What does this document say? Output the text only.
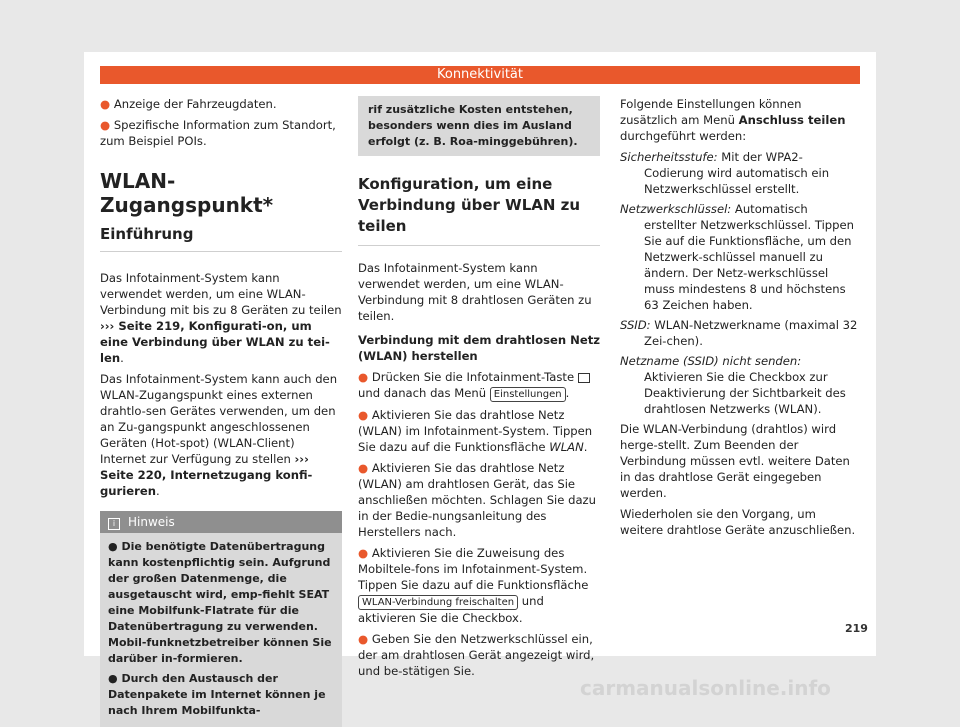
Konnektivität

● Anzeige der Fahrzeugdaten.

● Spezifische Information zum Standort, zum Beispiel POIs.

WLAN-Zugangspunkt*

Einführung

Das Infotainment-System kann verwendet werden, um eine WLAN-Verbindung mit bis zu 8 Geräten zu teilen ››› Seite 219, Konfigurati-on, um eine Verbindung über WLAN zu tei-len.

Das Infotainment-System kann auch den WLAN-Zugangspunkt eines externen drahtlo-sen Gerätes verwenden, um den an Zu-gangspunkt angeschlossenen Geräten (Hot-spot) (WLAN-Client) Internet zur Verfügung zu stellen ››› Seite 220, Internetzugang konfi-gurieren.

i Hinweis

● Die benötigte Datenübertragung kann kostenpflichtig sein. Aufgrund der großen Datenmenge, die ausgetauscht wird, emp-fiehlt SEAT eine Mobilfunk-Flatrate für die Datenübertragung zu verwenden. Mobil-funknetzbetreiber können Sie darüber in-formieren.

● Durch den Austausch der Datenpakete im Internet können je nach Ihrem Mobilfunkta-

rif zusätzliche Kosten entstehen, besonders wenn dies im Ausland erfolgt (z. B. Roa-minggebühren).

Konfiguration, um eine Verbindung über WLAN zu teilen

Das Infotainment-System kann verwendet werden, um eine WLAN-Verbindung mit 8 drahtlosen Geräten zu teilen.

Verbindung mit dem drahtlosen Netz (WLAN) herstellen

● Drücken Sie die Infotainment-Taste  und danach das Menü Einstellungen .

● Aktivieren Sie das drahtlose Netz (WLAN) im Infotainment-System. Tippen Sie dazu auf die Funktionsfläche WLAN.

● Aktivieren Sie das drahtlose Netz (WLAN) am drahtlosen Gerät, das Sie anschließen möchten. Schlagen Sie dazu in der Bedie-nungsanleitung des Herstellers nach.

● Aktivieren Sie die Zuweisung des Mobiltele-fons im Infotainment-System. Tippen Sie dazu auf die Funktionsfläche WLAN-Verbindung freischalten und aktivieren Sie die Checkbox.

● Geben Sie den Netzwerkschlüssel ein, der am drahtlosen Gerät angezeigt wird, und be-stätigen Sie.

Folgende Einstellungen können zusätzlich am Menü Anschluss teilen durchgeführt werden:

Sicherheitsstufe: Mit der WPA2-Codierung wird automatisch ein Netzwerkschlüssel erstellt.

Netzwerkschlüssel: Automatisch erstellter Netzwerkschlüssel. Tippen Sie auf die Funktionsfläche, um den Netzwerk-schlüssel manuell zu ändern. Der Netz-werkschlüssel muss mindestens 8 und höchstens 63 Zeichen haben.

SSID: WLAN-Netzwerkname (maximal 32 Zei-chen).

Netzname (SSID) nicht senden: Aktivieren Sie die Checkbox zur Deaktivierung der Sichtbarkeit des drahtlosen Netzwerks (WLAN).

Die WLAN-Verbindung (drahtlos) wird herge-stellt. Zum Beenden der Verbindung müssen evtl. weitere Daten in das drahtlose Gerät eingegeben werden.

Wiederholen sie den Vorgang, um weitere drahtlose Geräte anzuschließen.

219
carmanualsonline.info
